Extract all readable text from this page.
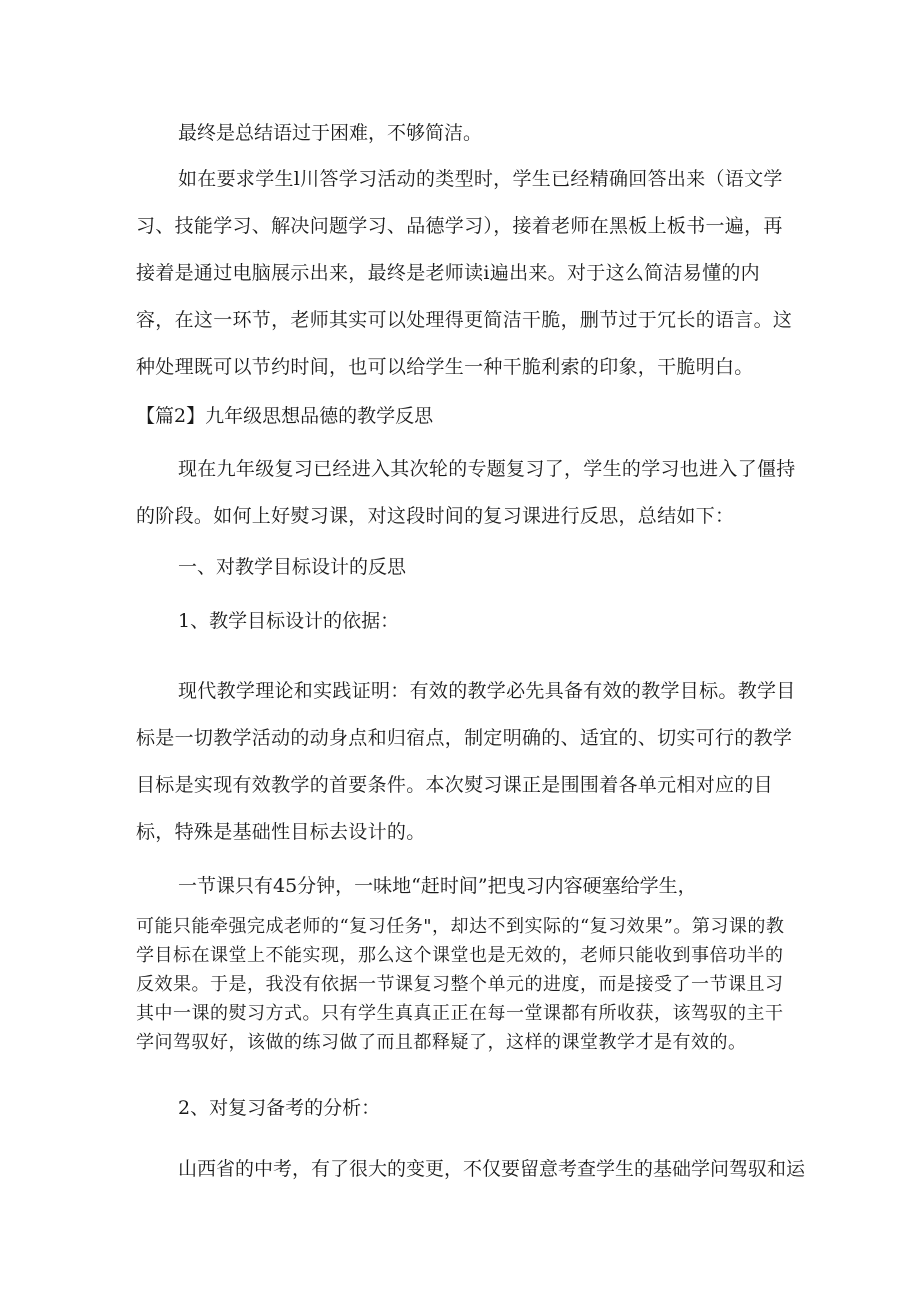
最终是总结语过于困难，不够简洁。

如在要求学生l川答学习活动的类型时，学生已经精确回答出来（语文学习、技能学习、解决问题学习、品德学习），接着老师在黑板上板书一遍，再接着是通过电脑展示出来，最终是老师读i遍出来。对于这么简洁易懂的内容，在这一环节，老师其实可以处理得更简洁干脆，删节过于冗长的语言。这种处理既可以节约时间，也可以给学生一种干脆利索的印象，干脆明白。

【篇2】九年级思想品德的教学反思

现在九年级复习已经进入其次轮的专题复习了，学生的学习也进入了僵持的阶段。如何上好熨习课，对这段时间的复习课进行反思，总结如下：

一、对教学目标设计的反思

1、教学目标设计的依据：

现代教学理论和实践证明：有效的教学必先具备有效的教学目标。教学目标是一切教学活动的动身点和归宿点，制定明确的、适宜的、切实可行的教学目标是实现有效教学的首要条件。本次熨习课正是围围着各单元相对应的目标，特殊是基础性目标去设计的。

一节课只有45分钟，一味地“赶时间”把曳习内容硬塞给学生，

可能只能牵强完成老师的“复习任务"，却达不到实际的“复习效果”。第习课的教学目标在课堂上不能实现，那么这个课堂也是无效的，老师只能收到事倍功半的反效果。于是，我没有依据一节课复习整个单元的进度，而是接受了一节课且习其中一课的熨习方式。只有学生真真正正在每一堂课都有所收获，该驾驭的主干学问驾驭好，该做的练习做了而且都释疑了，这样的课堂教学才是有效的。

2、对复习备考的分析：

山西省的中考，有了很大的变更，不仅要留意考查学生的基础学问驾驭和运
